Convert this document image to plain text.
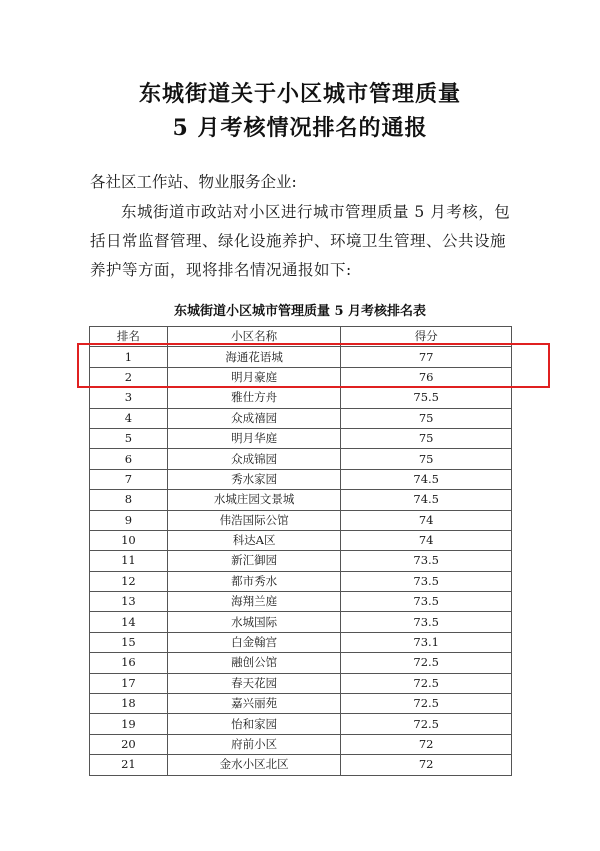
东城街道关于小区城市管理质量
5 月考核情况排名的通报
各社区工作站、物业服务企业:
东城街道市政站对小区进行城市管理质量 5 月考核，包括日常监督管理、绿化设施养护、环境卫生管理、公共设施养护等方面，现将排名情况通报如下:
东城街道小区城市管理质量 5 月考核排名表
排名	小区名称	得分
1	海通花语城	77
2	明月豪庭	76
3	雅仕方舟	75.5
4	众成禧园	75
5	明月华庭	75
6	众成锦园	75
7	秀水家园	74.5
8	水城庄园文景城	74.5
9	伟浩国际公馆	74
10	科达A区	74
11	新汇御园	73.5
12	都市秀水	73.5
13	海翔兰庭	73.5
14	水城国际	73.5
15	白金翰宫	73.1
16	融创公馆	72.5
17	春天花园	72.5
18	嘉兴丽苑	72.5
19	怡和家园	72.5
20	府前小区	72
21	金水小区北区	72
